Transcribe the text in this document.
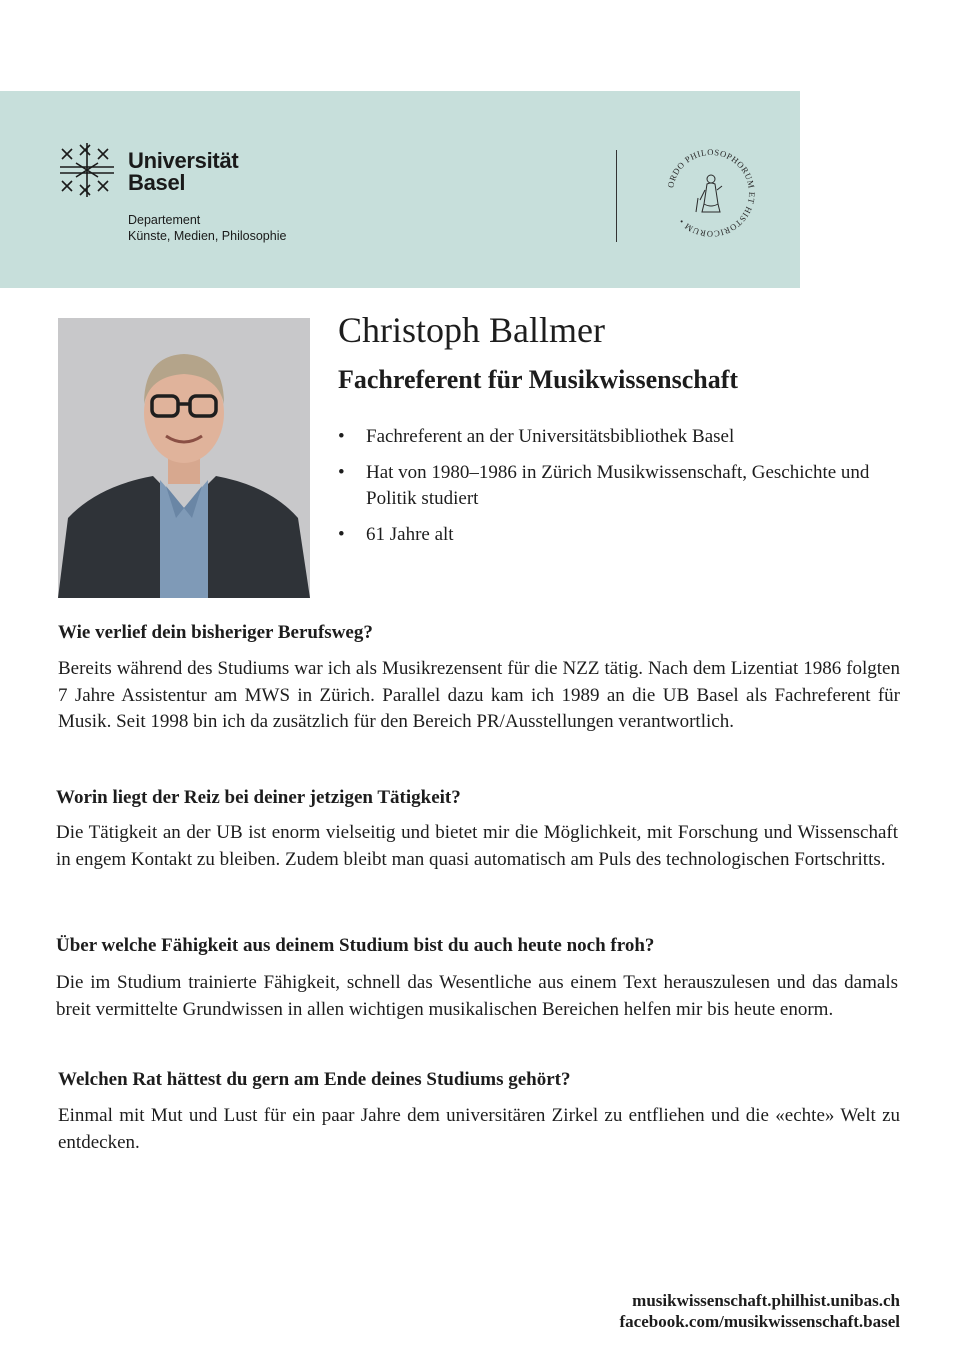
Universität
Basel
Departement
Künste, Medien, Philosophie
ORDO PHILOSOPHORUM ET HISTORICORUM •
Christoph Ballmer
Fachreferent für Musikwissenschaft
• Fachreferent an der Universitätsbibliothek Basel
• Hat von 1980–1986 in Zürich Musikwissenschaft, Geschichte und Politik studiert
• 61 Jahre alt
Wie verlief dein bisheriger Berufsweg?

Bereits während des Studiums war ich als Musikrezensent für die NZZ tätig. Nach dem Lizentiat 1986 folgten 7 Jahre Assistentur am MWS in Zürich. Parallel dazu kam ich 1989 an die UB Basel als Fachreferent für Musik. Seit 1998 bin ich da zusätzlich für den Bereich PR/Ausstellungen verantwortlich.

Worin liegt der Reiz bei deiner jetzigen Tätigkeit?

Die Tätigkeit an der UB ist enorm vielseitig und bietet mir die Möglichkeit, mit Forschung und Wissenschaft in engem Kontakt zu bleiben. Zudem bleibt man quasi automatisch am Puls des technologischen Fortschritts.

Über welche Fähigkeit aus deinem Studium bist du auch heute noch froh?

Die im Studium trainierte Fähigkeit, schnell das Wesentliche aus einem Text herauszulesen und das damals breit vermittelte Grundwissen in allen wichtigen musikalischen Bereichen helfen mir bis heute enorm.

Welchen Rat hättest du gern am Ende deines Studiums gehört?

Einmal mit Mut und Lust für ein paar Jahre dem universitären Zirkel zu entfliehen und die «echte» Welt zu entdecken.

musikwissenschaft.philhist.unibas.ch
facebook.com/musikwissenschaft.basel
